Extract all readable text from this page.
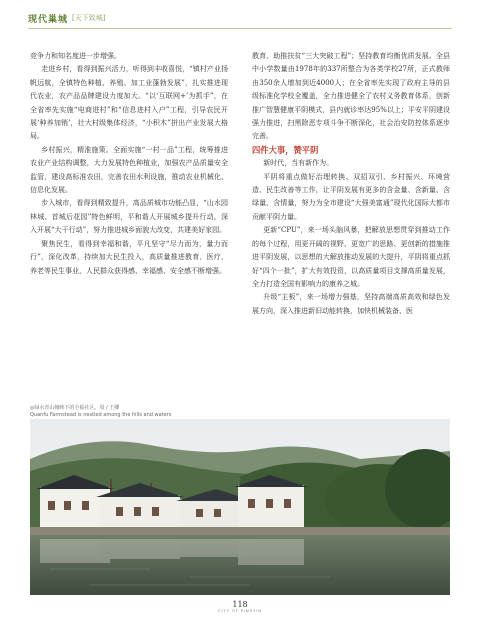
现代巢城 [天下致城]

竞争力和知名度进一步增强。

走进乡村，看得到振兴活力，听得到丰收喜悦，“镇村产业扬帆远航，全镇特色种植、养殖、加工业蓬勃发展”，扎实推进现代农业，农产品品牌建设力度加大。“以‘互联网+’为抓手”，在全省率先实施“电商进村”和“信息进村入户”工程，引导农民开展‘种养加销’，壮大村级集体经济，“小积木”拼出产业发展大格局。

乡村振兴，精准施策。全面实施“一村一品”工程，统筹推进农业产业结构调整，大力发展特色种植业，加强农产品质量安全监管，建设高标准农田，完善农田水利设施，推动农业机械化、信息化发展。

步入城市，看得到精致提升，高品质城市功能凸显，“山水园林城、首城后花园”特色鲜明，平和谐人开展城乡提升行动，深入开展“大干行动”，努力推进城乡面貌大改变，共建美好家园。

聚焦民生，看得到幸福和谐，平凡坚守“尽力而为，量力而行”，深化改革，持续加大民生投入，高质量推进教育、医疗、养老等民生事业，人民群众获得感、幸福感、安全感不断增强。

教育、助推扶贫“三大突破工程”；坚持教育均衡优质发展。全县中小学数量由1978年的337所整合为各类学校27所，正式教师由350余人增加到近4000人；在全省率先实现了政府主导的县级标准化学校全覆盖，全力推进健全了农村义务教育体系，创新推广智慧健康平阴模式，县内就诊率达95%以上；平安平阴建设强力推进，扫黑除恶专项斗争不断深化，社会治安防控体系逐步完善。

四件大事，赞平阴

新时代，当有新作为。

平阴将重点做好治理转换、双招双引、乡村振兴、环境营造、民生改善等工作，让平阴发展有更多的含金量、含新量、含绿量、含情量，努力为全市建设“大强美富通”现代化国际大都市贡献平阴力量。

更新“CPU”，来一场头脑风暴，把解放思想贯穿到推动工作的每个过程，用更开阔的视野、更宽广的思路、更创新的措施推进平阴发展，以思想的大解放推动发展的大提升，平阴将重点抓好“四个一批”，扩大有效投资，以高质量项目支撑高质量发展，全力打造全国有影响力的康养之城。

升级“主板”，来一场增力强基，坚持高端高质高效和绿色发展方向，深入推进新旧动能转换，加快机械装备、医

◎绿水青山掩映下的全福社区。周 / 王卿
Quanfu Farmstead is nestled among the hills and waters
118
CITY OF PINGYIN
